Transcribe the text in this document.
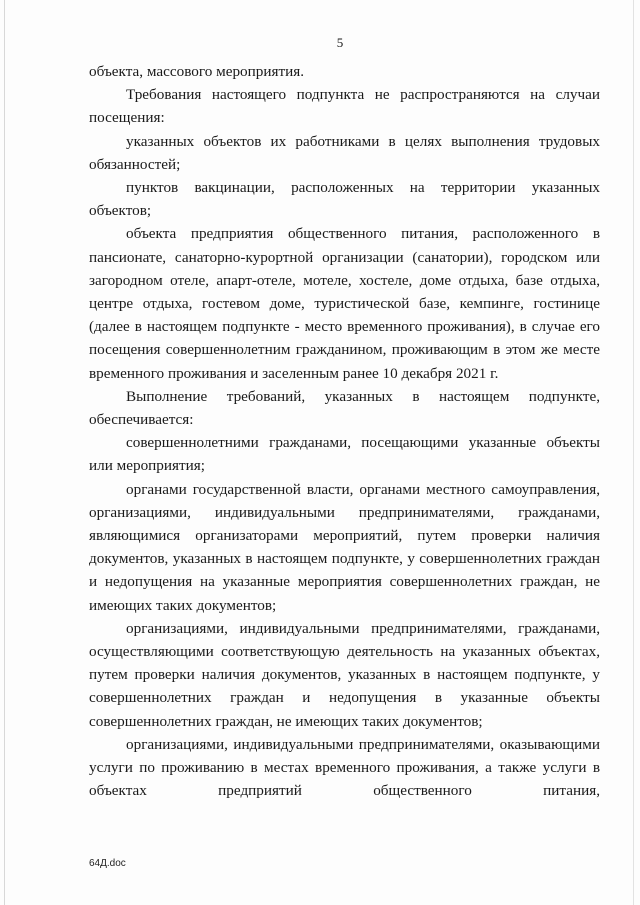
5

объекта, массового мероприятия.

Требования настоящего подпункта не распространяются на случаи посещения:

указанных объектов их работниками в целях выполнения трудовых обязанностей;

пунктов вакцинации, расположенных на территории указанных объектов;

объекта предприятия общественного питания, расположенного в пансионате, санаторно-курортной организации (санатории), городском или загородном отеле, апарт-отеле, мотеле, хостеле, доме отдыха, базе отдыха, центре отдыха, гостевом доме, туристической базе, кемпинге, гостинице (далее в настоящем подпункте - место временного проживания), в случае его посещения совершеннолетним гражданином, проживающим в этом же месте временного проживания и заселенным ранее 10 декабря 2021 г.

Выполнение требований, указанных в настоящем подпункте, обеспечивается:

совершеннолетними гражданами, посещающими указанные объекты или мероприятия;

органами государственной власти, органами местного самоуправления, организациями, индивидуальными предпринимателями, гражданами, являющимися организаторами мероприятий, путем проверки наличия документов, указанных в настоящем подпункте, у совершеннолетних граждан и недопущения на указанные мероприятия совершеннолетних граждан, не имеющих таких документов;

организациями, индивидуальными предпринимателями, гражданами, осуществляющими соответствующую деятельность на указанных объектах, путем проверки наличия документов, указанных в настоящем подпункте, у совершеннолетних граждан и недопущения в указанные объекты совершеннолетних граждан, не имеющих таких документов;

организациями, индивидуальными предпринимателями, оказывающими услуги по проживанию в местах временного проживания, а также услуги в объектах предприятий общественного питания,

64Д.doc
